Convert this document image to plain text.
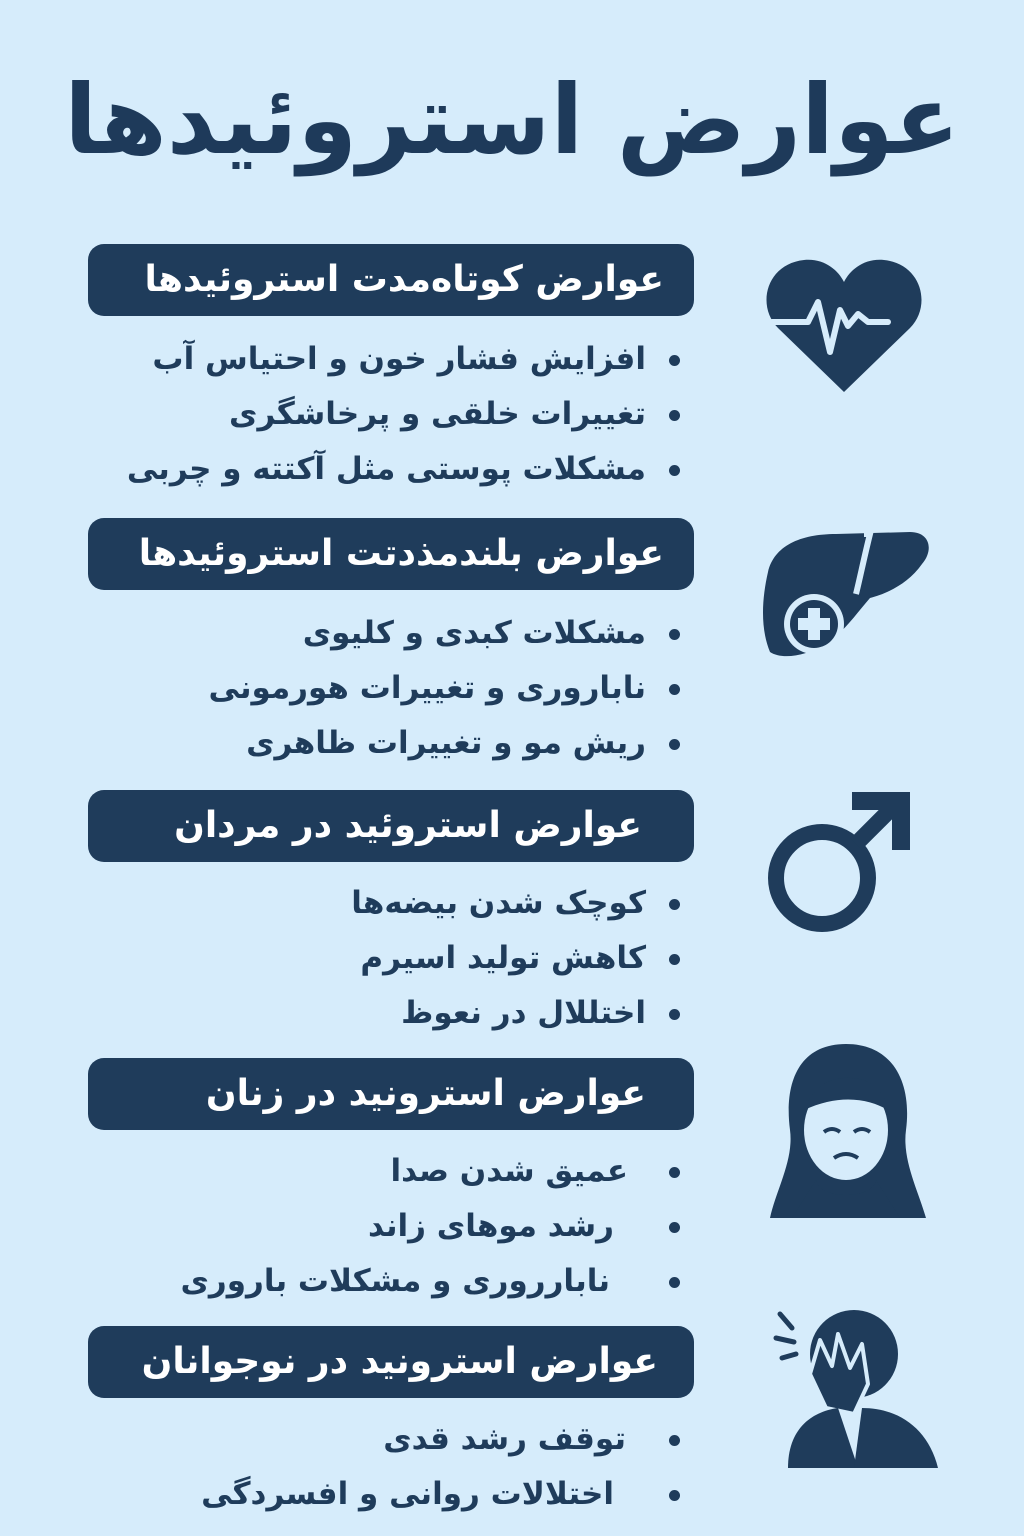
عوارض استروئیدها
عوارض کوتاه‌مدت استروئیدها
افزایش فشار خون و احتیاس آب
تغییرات خلقی و پرخاشگری
مشکلات پوستی مثل آکتته و چربی
عوارض بلندمذدتت استروئیدها
مشکلات کبدی و کلیوی
ناباروری و تغییرات هورمونی
ریش مو و تغییرات ظاهری
عوارض استروئید در مردان
کوچک شدن بیضه‌ها
کاهش تولید اسیرم
اختللال در نعوظ
عوارض استرونید در زنان
عمیق شدن صدا
رشد موهای زاند
نابارروری و مشکلات باروری
عوارض استرونید در نوجوانان
توقف رشد قدی
اختلالات روانی و افسردگی
